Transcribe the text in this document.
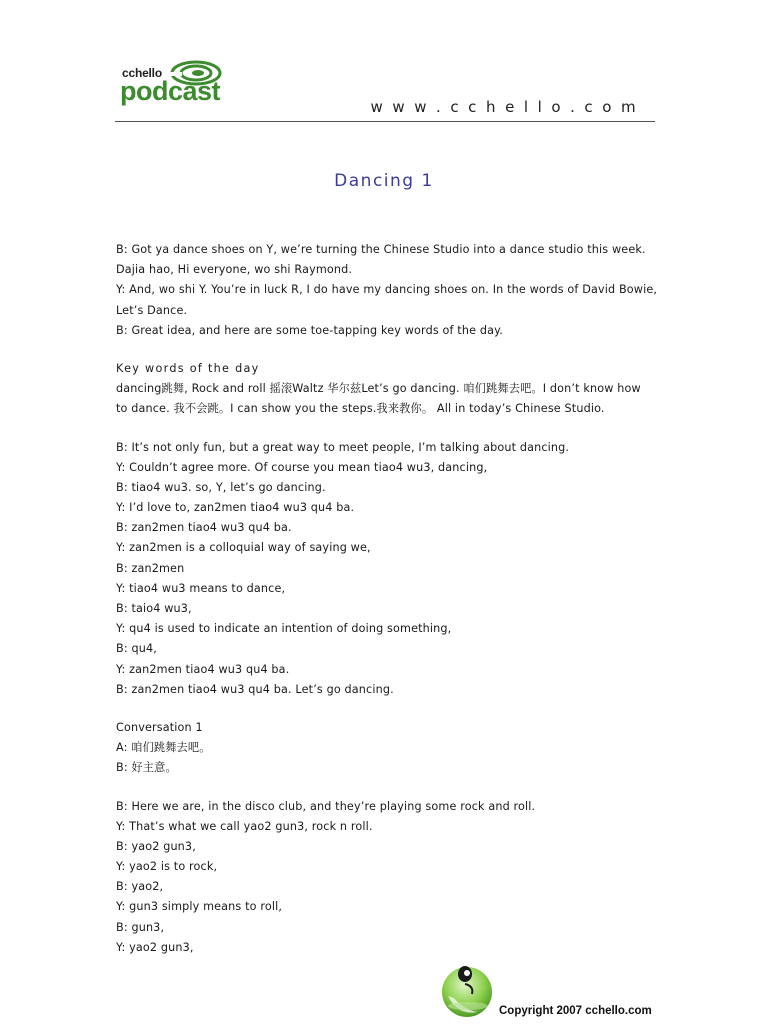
cchello
podcast
w w w . c c h e l l o . c o m
Dancing 1
B: Got ya dance shoes on Y, we’re turning the Chinese Studio into a dance studio this week.
Dajia hao, Hi everyone, wo shi Raymond.
Y: And, wo shi Y. You’re in luck R, I do have my dancing shoes on. In the words of David Bowie,
Let’s Dance.
B: Great idea, and here are some toe-tapping key words of the day.
Key words of the day
dancing跳舞, Rock and roll 摇滚Waltz 华尔兹Let’s go dancing. 咱们跳舞去吧。I don’t know how
to dance. 我不会跳。I can show you the steps.我来教你。 All in today’s Chinese Studio.
B: It’s not only fun, but a great way to meet people, I’m talking about dancing.
Y: Couldn’t agree more. Of course you mean tiao4 wu3, dancing,
B: tiao4 wu3. so, Y, let’s go dancing.
Y: I’d love to, zan2men tiao4 wu3 qu4 ba.
B: zan2men tiao4 wu3 qu4 ba.
Y: zan2men is a colloquial way of saying we,
B: zan2men
Y: tiao4 wu3 means to dance,
B: taio4 wu3,
Y: qu4 is used to indicate an intention of doing something,
B: qu4,
Y: zan2men tiao4 wu3 qu4 ba.
B: zan2men tiao4 wu3 qu4 ba. Let’s go dancing.
Conversation 1
A: 咱们跳舞去吧。
B: 好主意。
B: Here we are, in the disco club, and they’re playing some rock and roll.
Y: That’s what we call yao2 gun3, rock n roll.
B: yao2 gun3,
Y: yao2 is to rock,
B: yao2,
Y: gun3 simply means to roll,
B: gun3,
Y: yao2 gun3,
Copyright 2007 cchello.com
